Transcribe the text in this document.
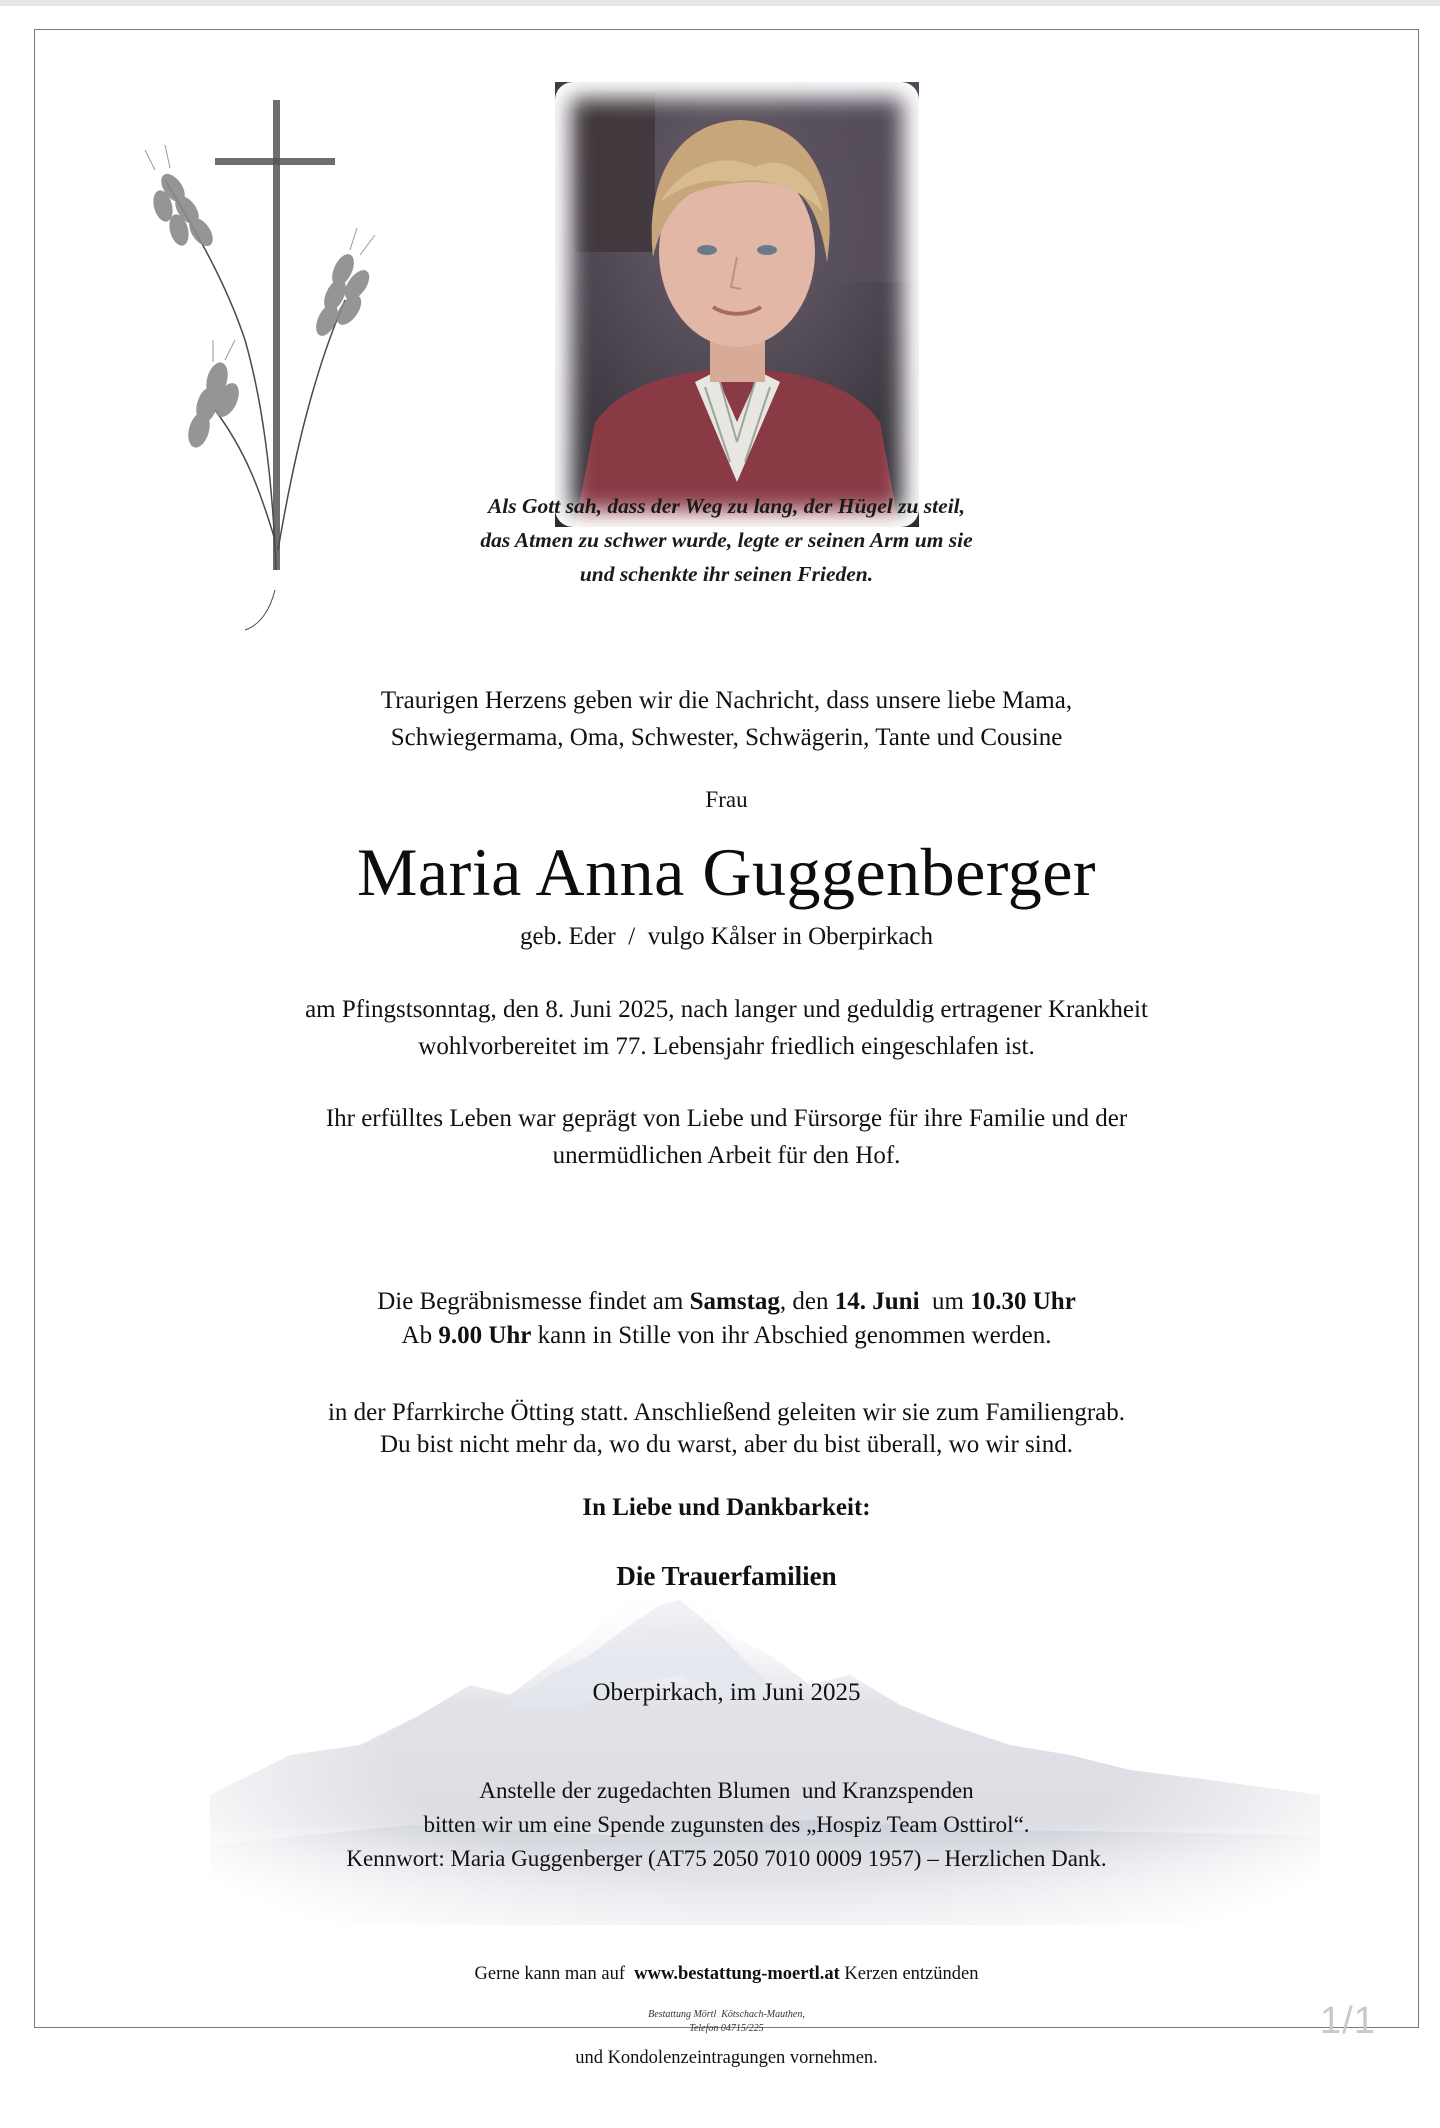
Als Gott sah, dass der Weg zu lang, der Hügel zu steil,
das Atmen zu schwer wurde, legte er seinen Arm um sie
und schenkte ihr seinen Frieden.

Traurigen Herzens geben wir die Nachricht, dass unsere liebe Mama,
Schwiegermama, Oma, Schwester, Schwägerin, Tante und Cousine

Frau

Maria Anna Guggenberger

geb. Eder  /  vulgo Kålser in Oberpirkach

am Pfingstsonntag, den 8. Juni 2025, nach langer und geduldig ertragener Krankheit
wohlvorbereitet im 77. Lebensjahr friedlich eingeschlafen ist.

Ihr erfülltes Leben war geprägt von Liebe und Fürsorge für ihre Familie und der
unermüdlichen Arbeit für den Hof.

Die Begräbnismesse findet am Samstag, den 14. Juni  um 10.30 Uhr

in der Pfarrkirche Ötting statt. Anschließend geleiten wir sie zum Familiengrab.

Ab 9.00 Uhr kann in Stille von ihr Abschied genommen werden.

Du bist nicht mehr da, wo du warst, aber du bist überall, wo wir sind.

In Liebe und Dankbarkeit:

Die Trauerfamilien

Oberpirkach, im Juni 2025

Anstelle der zugedachten Blumen  und Kranzspenden
bitten wir um eine Spende zugunsten des „Hospiz Team Osttirol“.
Kennwort: Maria Guggenberger (AT75 2050 7010 0009 1957) – Herzlichen Dank.

Gerne kann man auf  www.bestattung-moertl.at Kerzen entzünden

und Kondolenzeintragungen vornehmen.

Bestattung Mörtl  Kötschach-Mauthen,
Telefon 04715/225	1/1
